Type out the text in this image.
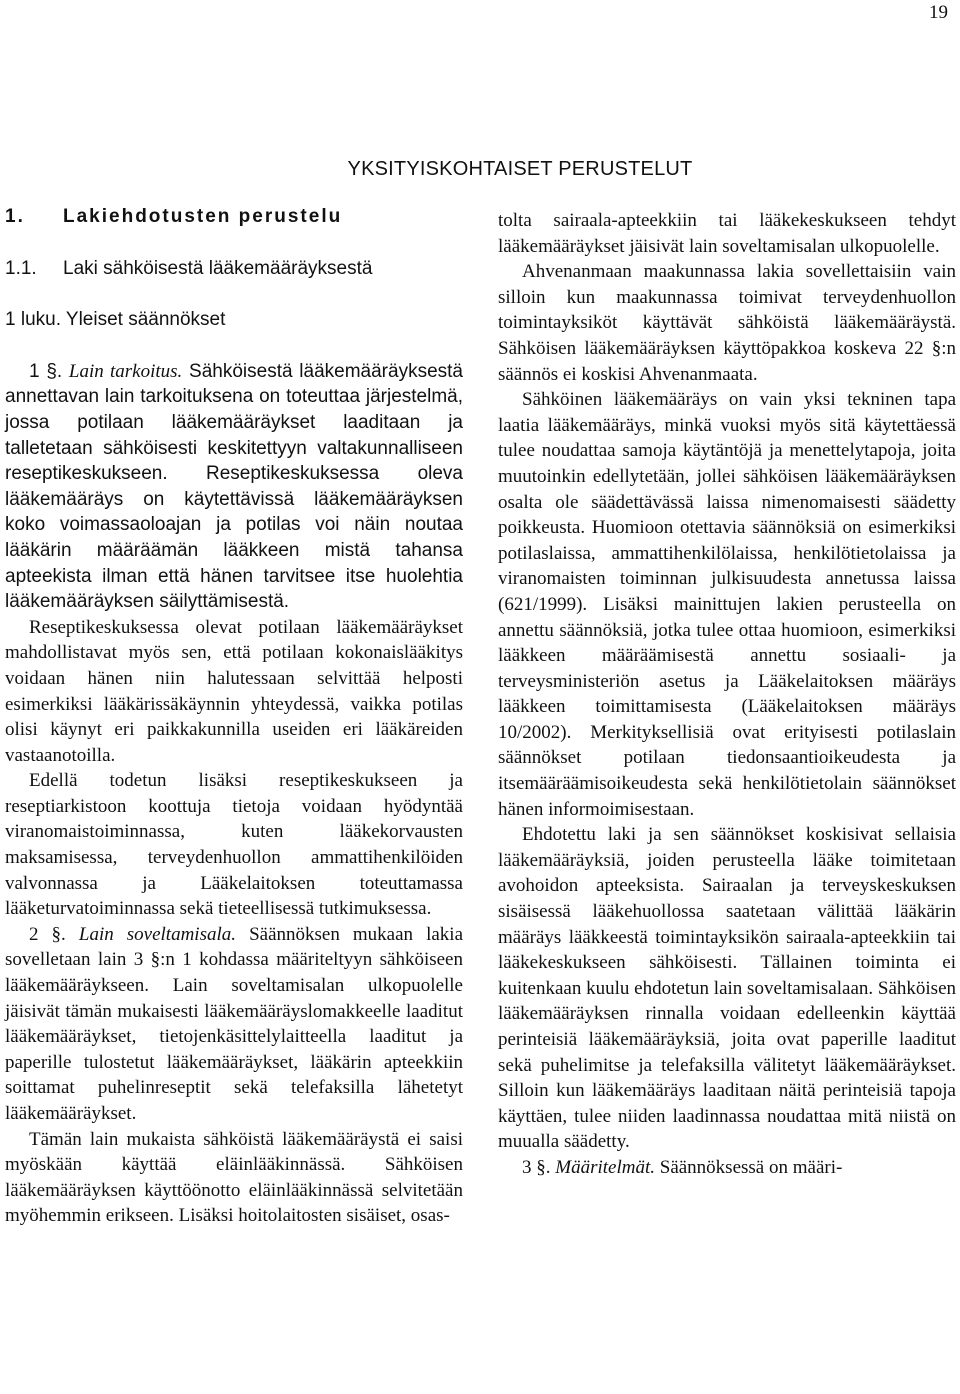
19
YKSITYISKOHTAISET PERUSTELUT
1. Lakiehdotusten perustelu
1.1. Laki sähköisestä lääkemääräyksestä
1 luku. Yleiset säännökset

1 §. Lain tarkoitus. Sähköisestä lääkemääräyksestä annettavan lain tarkoituksena on toteuttaa järjestelmä, jossa potilaan lääkemääräykset laaditaan ja talletetaan sähköisesti keskitettyyn valtakunnalliseen reseptikeskukseen. Reseptikeskuksessa oleva lääkemääräys on käytettävissä lääkemääräyksen koko voimassaoloajan ja potilas voi näin noutaa lääkärin määräämän lääkkeen mistä tahansa apteekista ilman että hänen tarvitsee itse huolehtia lääkemääräyksen säilyttämisestä.

Reseptikeskuksessa olevat potilaan lääkemääräykset mahdollistavat myös sen, että potilaan kokonaislääkitys voidaan hänen niin halutessaan selvittää helposti esimerkiksi lääkärissäkäynnin yhteydessä, vaikka potilas olisi käynyt eri paikkakunnilla useiden eri lääkäreiden vastaanotoilla.

Edellä todetun lisäksi reseptikeskukseen ja reseptiarkistoon koottuja tietoja voidaan hyödyntää viranomaistoiminnassa, kuten lääkekorvausten maksamisessa, terveydenhuollon ammattihenkilöiden valvonnassa ja Lääkelaitoksen toteuttamassa lääketurvatoiminnassa sekä tieteellisessä tutkimuksessa.

2 §. Lain soveltamisala. Säännöksen mukaan lakia sovelletaan lain 3 §:n 1 kohdassa määriteltyyn sähköiseen lääkemääräykseen. Lain soveltamisalan ulkopuolelle jäisivät tämän mukaisesti lääkemääräyslomakkeelle laaditut lääkemääräykset, tietojenkäsittelylaitteella laaditut ja paperille tulostetut lääkemääräykset, lääkärin apteekkiin soittamat puhelinreseptit sekä telefaksilla lähetetyt lääkemääräykset.

Tämän lain mukaista sähköistä lääkemääräystä ei saisi myöskään käyttää eläinlääkinnässä. Sähköisen lääkemääräyksen käyttöönotto eläinlääkinnässä selvitetään myöhemmin erikseen. Lisäksi hoitolaitosten sisäiset, osas-

tolta sairaala-apteekkiin tai lääkekeskukseen tehdyt lääkemääräykset jäisivät lain soveltamisalan ulkopuolelle.

Ahvenanmaan maakunnassa lakia sovellettaisiin vain silloin kun maakunnassa toimivat terveydenhuollon toimintayksiköt käyttävät sähköistä lääkemääräystä. Sähköisen lääkemääräyksen käyttöpakkoa koskeva 22 §:n säännös ei koskisi Ahvenanmaata.

Sähköinen lääkemääräys on vain yksi tekninen tapa laatia lääkemääräys, minkä vuoksi myös sitä käytettäessä tulee noudattaa samoja käytäntöjä ja menettelytapoja, joita muutoinkin edellytetään, jollei sähköisen lääkemääräyksen osalta ole säädettävässä laissa nimenomaisesti säädetty poikkeusta. Huomioon otettavia säännöksiä on esimerkiksi potilaslaissa, ammattihenkilölaissa, henkilötietolaissa ja viranomaisten toiminnan julkisuudesta annetussa laissa (621/1999). Lisäksi mainittujen lakien perusteella on annettu säännöksiä, jotka tulee ottaa huomioon, esimerkiksi lääkkeen määräämisestä annettu sosiaali- ja terveysministeriön asetus ja Lääkelaitoksen määräys lääkkeen toimittamisesta (Lääkelaitoksen määräys 10/2002). Merkityksellisiä ovat erityisesti potilaslain säännökset potilaan tiedonsaantioikeudesta ja itsemääräämisoikeudesta sekä henkilötietolain säännökset hänen informoimisestaan.

Ehdotettu laki ja sen säännökset koskisivat sellaisia lääkemääräyksiä, joiden perusteella lääke toimitetaan avohoidon apteeksista. Sairaalan ja terveyskeskuksen sisäisessä lääkehuollossa saatetaan välittää lääkärin määräys lääkkeestä toimintayksikön sairaala-apteekkiin tai lääkekeskukseen sähköisesti. Tällainen toiminta ei kuitenkaan kuulu ehdotetun lain soveltamisalaan. Sähköisen lääkemääräyksen rinnalla voidaan edelleenkin käyttää perinteisiä lääkemääräyksiä, joita ovat paperille laaditut sekä puhelimitse ja telefaksilla välitetyt lääkemääräykset. Silloin kun lääkemääräys laaditaan näitä perinteisiä tapoja käyttäen, tulee niiden laadinnassa noudattaa mitä niistä on muualla säädetty.

3 §. Määritelmät. Säännöksessä on määri-
